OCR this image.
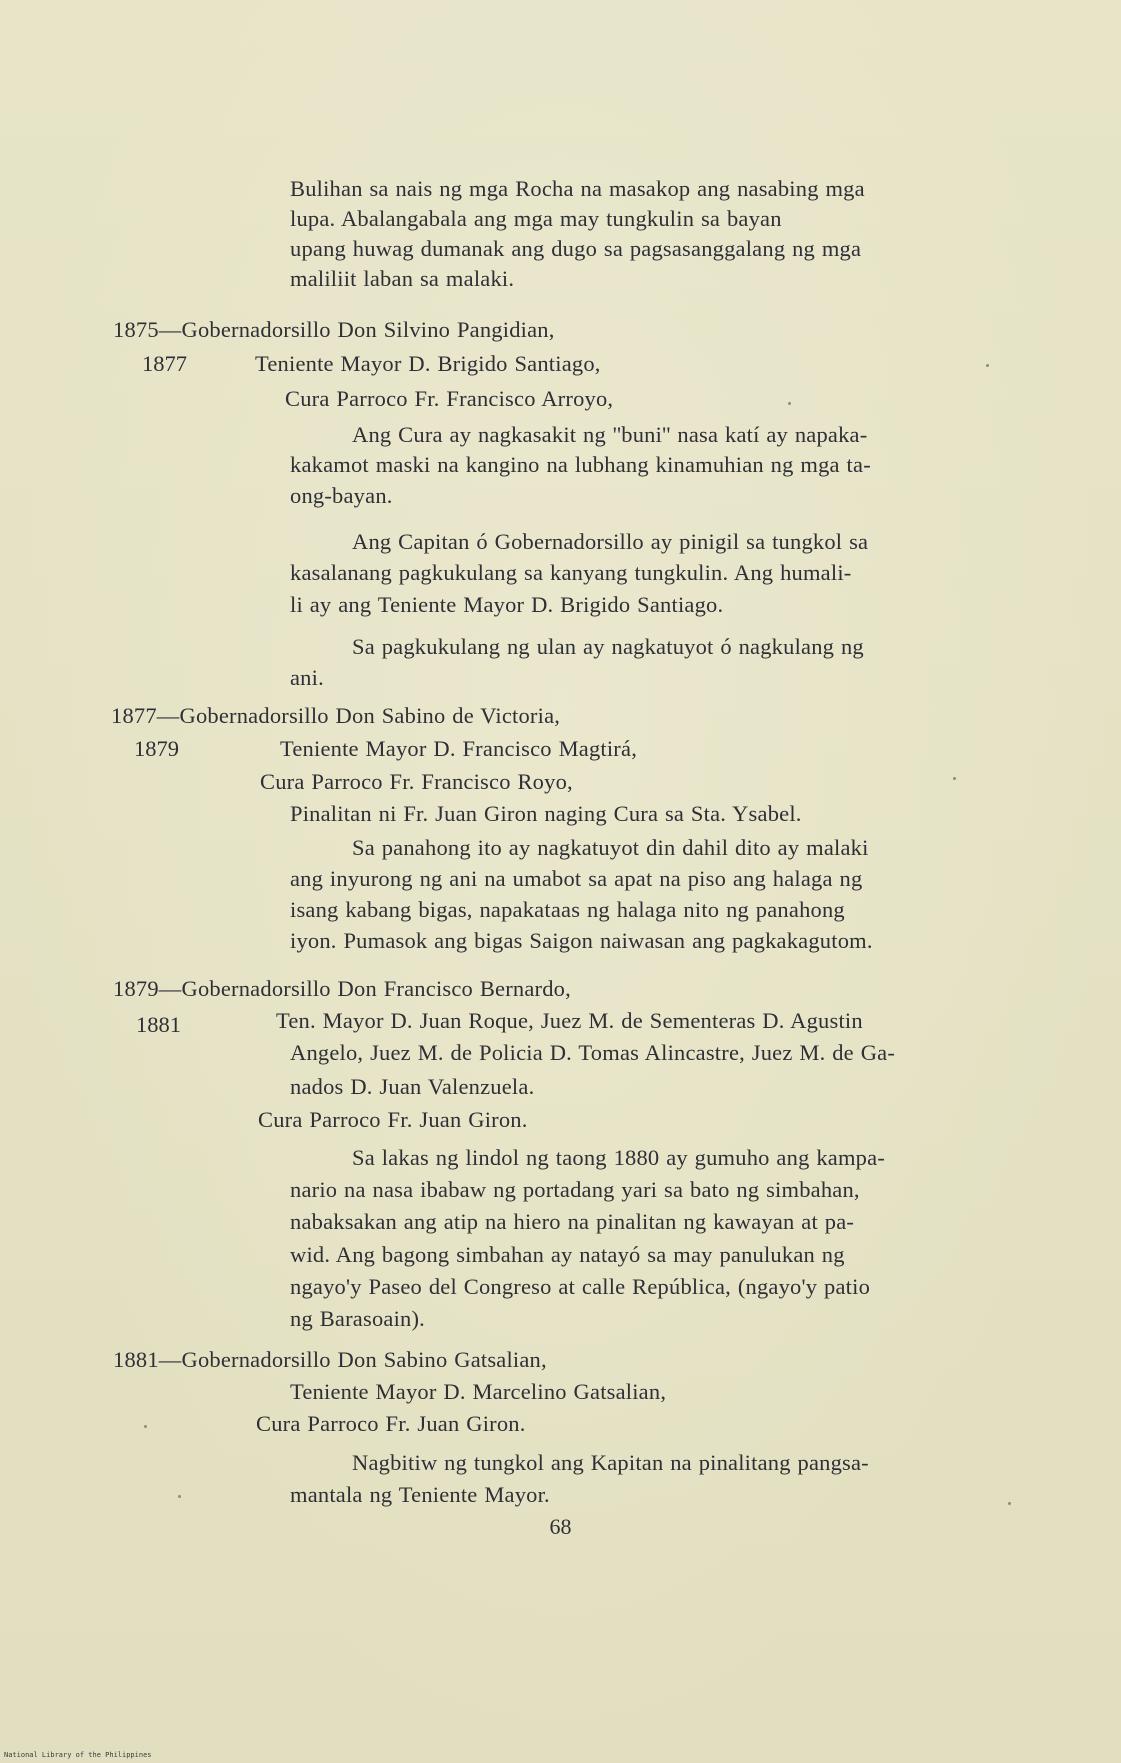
Bulihan sa nais ng mga Rocha na masakop ang nasabing mga
lupa. Abalangabala ang mga may tungkulin sa bayan
upang huwag dumanak ang dugo sa pagsasanggalang ng mga
maliliit laban sa malaki.
1875—Gobernadorsillo Don Silvino Pangidian,
1877	Teniente Mayor D. Brigido Santiago,
Cura Parroco Fr. Francisco Arroyo,
Ang Cura ay nagkasakit ng ''buni'' nasa katí ay napaka-
kakamot maski na kangino na lubhang kinamuhian ng mga ta-
ong-bayan.
Ang Capitan ó Gobernadorsillo ay pinigil sa tungkol sa
kasalanang pagkukulang sa kanyang tungkulin. Ang humali-
li ay ang Teniente Mayor D. Brigido Santiago.
Sa pagkukulang ng ulan ay nagkatuyot ó nagkulang ng
ani.
1877—Gobernadorsillo Don Sabino de Victoria,
1879	Teniente Mayor D. Francisco Magtirá,
Cura Parroco Fr. Francisco Royo,
Pinalitan ni Fr. Juan Giron naging Cura sa Sta. Ysabel.
Sa panahong ito ay nagkatuyot din dahil dito ay malaki
ang inyurong ng ani na umabot sa apat na piso ang halaga ng
isang kabang bigas, napakataas ng halaga nito ng panahong
iyon. Pumasok ang bigas Saigon naiwasan ang pagkakagutom.
1879—Gobernadorsillo Don Francisco Bernardo,
1881	Ten. Mayor D. Juan Roque, Juez M. de Sementeras D. Agustin
Angelo, Juez M. de Policia D. Tomas Alincastre, Juez M. de Ga-
nados D. Juan Valenzuela.
Cura Parroco Fr. Juan Giron.
Sa lakas ng lindol ng taong 1880 ay gumuho ang kampa-
nario na nasa ibabaw ng portadang yari sa bato ng simbahan,
nabaksakan ang atip na hiero na pinalitan ng kawayan at pa-
wid. Ang bagong simbahan ay natayó sa may panulukan ng
ngayo'y Paseo del Congreso at calle República, (ngayo'y patio
ng Barasoain).
1881—Gobernadorsillo Don Sabino Gatsalian,
Teniente Mayor D. Marcelino Gatsalian,
Cura Parroco Fr. Juan Giron.
Nagbitiw ng tungkol ang Kapitan na pinalitang pangsa-
mantala ng Teniente Mayor.
68
National Library of the Philippines
